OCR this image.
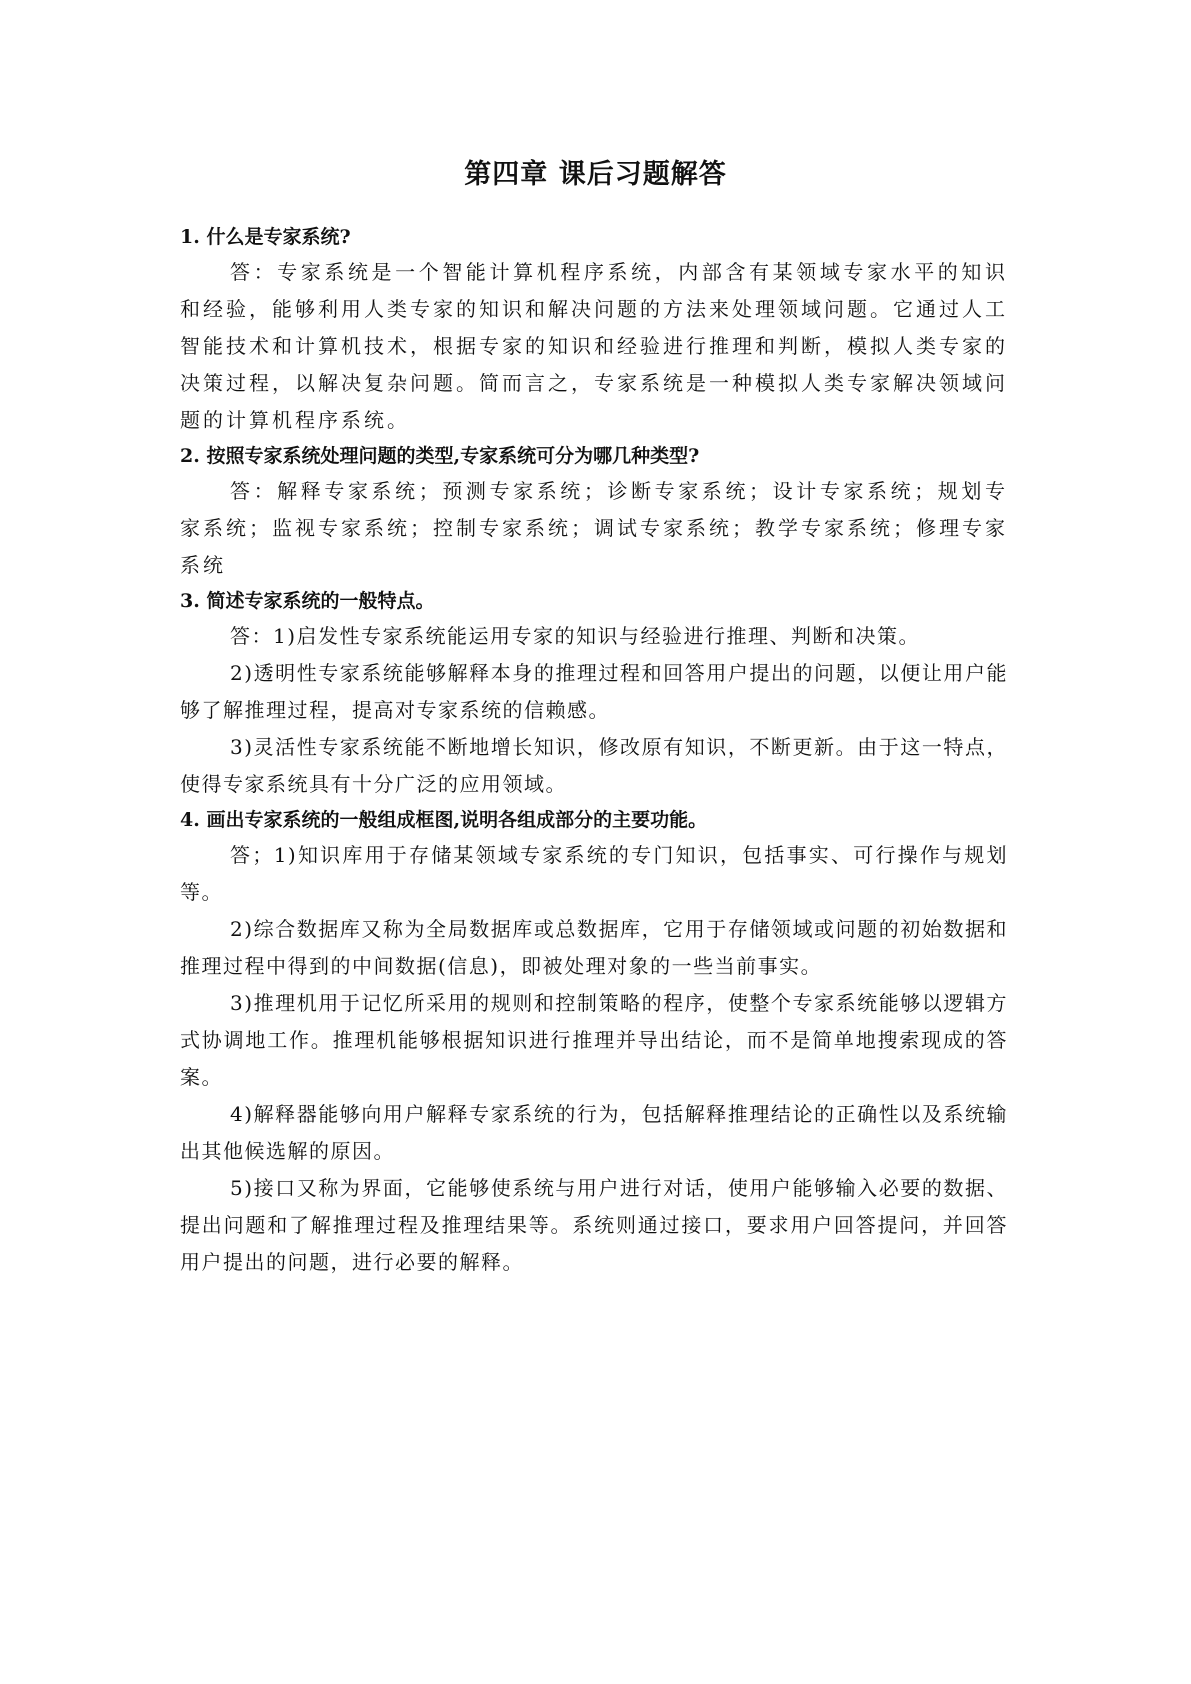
第四章 课后习题解答

1. 什么是专家系统?

答：专家系统是一个智能计算机程序系统，内部含有某领域专家水平的知识和经验，能够利用人类专家的知识和解决问题的方法来处理领域问题。它通过人工智能技术和计算机技术，根据专家的知识和经验进行推理和判断，模拟人类专家的决策过程，以解决复杂问题。简而言之，专家系统是一种模拟人类专家解决领域问题的计算机程序系统。

2. 按照专家系统处理问题的类型,专家系统可分为哪几种类型?

答：解释专家系统；预测专家系统；诊断专家系统；设计专家系统；规划专家系统；监视专家系统；控制专家系统；调试专家系统；教学专家系统；修理专家系统

3. 简述专家系统的一般特点。

答：1)启发性专家系统能运用专家的知识与经验进行推理、判断和决策。

2)透明性专家系统能够解释本身的推理过程和回答用户提出的问题，以便让用户能够了解推理过程，提高对专家系统的信赖感。

3)灵活性专家系统能不断地增长知识，修改原有知识，不断更新。由于这一特点，使得专家系统具有十分广泛的应用领域。

4. 画出专家系统的一般组成框图,说明各组成部分的主要功能。

答；1)知识库用于存储某领域专家系统的专门知识，包括事实、可行操作与规划等。

2)综合数据库又称为全局数据库或总数据库，它用于存储领域或问题的初始数据和推理过程中得到的中间数据(信息)，即被处理对象的一些当前事实。

3)推理机用于记忆所采用的规则和控制策略的程序，使整个专家系统能够以逻辑方式协调地工作。推理机能够根据知识进行推理并导出结论，而不是简单地搜索现成的答案。

4)解释器能够向用户解释专家系统的行为，包括解释推理结论的正确性以及系统输出其他候选解的原因。

5)接口又称为界面，它能够使系统与用户进行对话，使用户能够输入必要的数据、提出问题和了解推理过程及推理结果等。系统则通过接口，要求用户回答提问，并回答用户提出的问题，进行必要的解释。
